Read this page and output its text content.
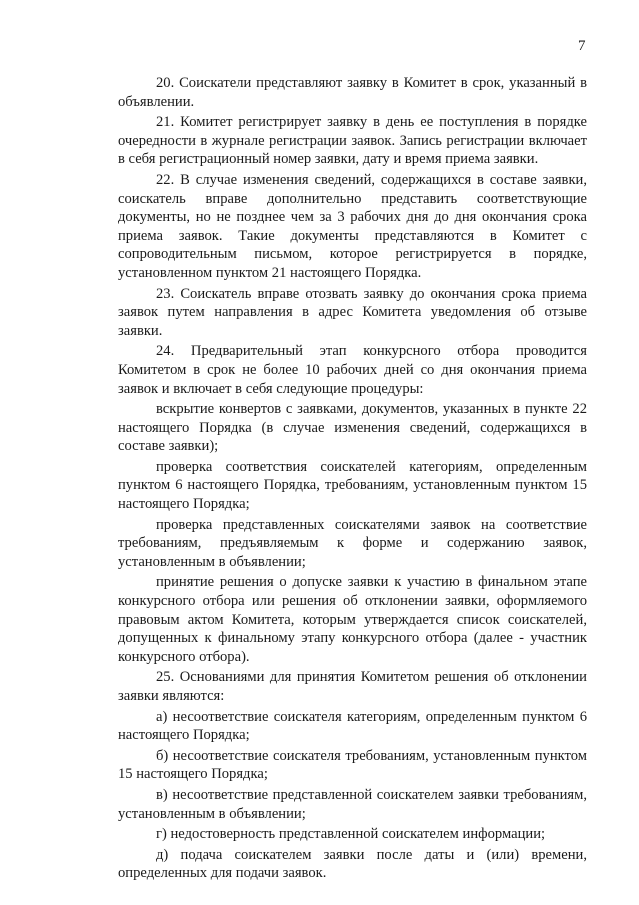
7

20. Соискатели представляют заявку в Комитет в срок, указанный в объявлении.

21. Комитет регистрирует заявку в день ее поступления в порядке очередности в журнале регистрации заявок. Запись регистрации включает в себя регистрационный номер заявки, дату и время приема заявки.

22. В случае изменения сведений, содержащихся в составе заявки, соискатель вправе дополнительно представить соответствующие документы, но не позднее чем за 3 рабочих дня до дня окончания срока приема заявок. Такие документы представляются в Комитет с сопроводительным письмом, которое регистрируется в порядке, установленном пунктом 21 настоящего Порядка.

23. Соискатель вправе отозвать заявку до окончания срока приема заявок путем направления в адрес Комитета уведомления об отзыве заявки.

24. Предварительный этап конкурсного отбора проводится Комитетом в срок не более 10 рабочих дней со дня окончания приема заявок и включает в себя следующие процедуры:

вскрытие конвертов с заявками, документов, указанных в пункте 22 настоящего Порядка (в случае изменения сведений, содержащихся в составе заявки);

проверка соответствия соискателей категориям, определенным пунктом 6 настоящего Порядка, требованиям, установленным пунктом 15 настоящего Порядка;

проверка представленных соискателями заявок на соответствие требованиям, предъявляемым к форме и содержанию заявок, установленным в объявлении;

принятие решения о допуске заявки к участию в финальном этапе конкурсного отбора или решения об отклонении заявки, оформляемого правовым актом Комитета, которым утверждается список соискателей, допущенных к финальному этапу конкурсного отбора (далее - участник конкурсного отбора).

25. Основаниями для принятия Комитетом решения об отклонении заявки являются:

а) несоответствие соискателя категориям, определенным пунктом 6 настоящего Порядка;

б) несоответствие соискателя требованиям, установленным пунктом 15 настоящего Порядка;

в) несоответствие представленной соискателем заявки требованиям, установленным в объявлении;

г) недостоверность представленной соискателем информации;

д) подача соискателем заявки после даты и (или) времени, определенных для подачи заявок.
